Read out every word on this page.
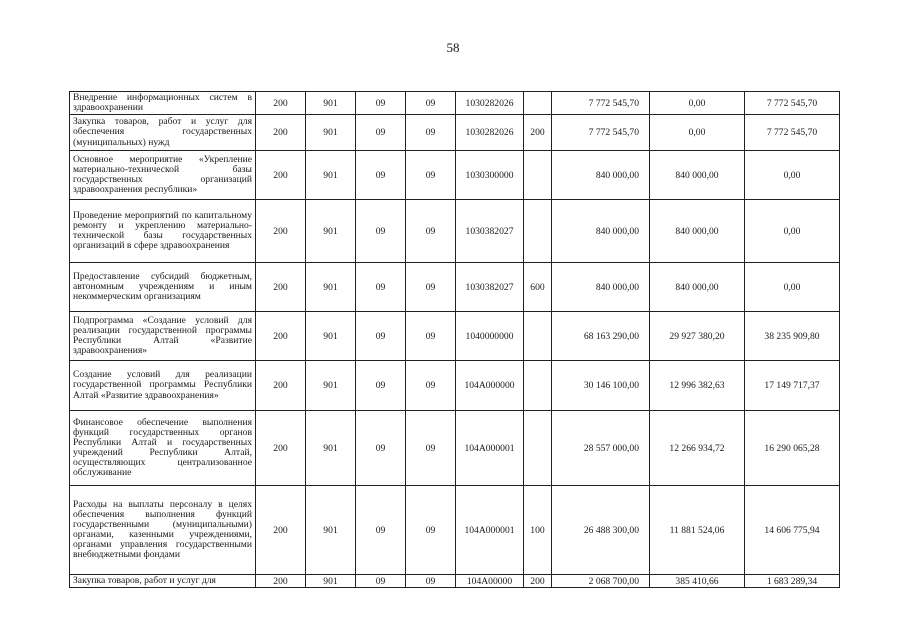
58
Внедрение информационных систем в здравоохранении	200	901	09	09	1030282026		7 772 545,70	0,00	7 772 545,70
Закупка товаров, работ и услуг для обеспечения государственных (муниципальных) нужд	200	901	09	09	1030282026	200	7 772 545,70	0,00	7 772 545,70
Основное мероприятие «Укрепление материально-технической базы государственных организаций здравоохранения республики»	200	901	09	09	1030300000		840 000,00	840 000,00	0,00
Проведение мероприятий по капитальному ремонту и укреплению материально-технической базы государственных организаций в сфере здравоохранения	200	901	09	09	1030382027		840 000,00	840 000,00	0,00
Предоставление субсидий бюджетным, автономным учреждениям и иным некоммерческим организациям	200	901	09	09	1030382027	600	840 000,00	840 000,00	0,00
Подпрограмма «Создание условий для реализации государственной программы Республики Алтай «Развитие здравоохранения»	200	901	09	09	1040000000		68 163 290,00	29 927 380,20	38 235 909,80
Создание условий для реализации государственной программы Республики Алтай «Развитие здравоохранения»	200	901	09	09	104А000000		30 146 100,00	12 996 382,63	17 149 717,37
Финансовое обеспечение выполнения функций государственных органов Республики Алтай и государственных учреждений Республики Алтай, осуществляющих централизованное обслуживание	200	901	09	09	104А000001		28 557 000,00	12 266 934,72	16 290 065,28
Расходы на выплаты персоналу в целях обеспечения выполнения функций государственными (муниципальными) органами, казенными учреждениями, органами управления государственными внебюджетными фондами	200	901	09	09	104А000001	100	26 488 300,00	11 881 524,06	14 606 775,94
Закупка товаров, работ и услуг для	200	901	09	09	104А00000	200	2 068 700,00	385 410,66	1 683 289,34
